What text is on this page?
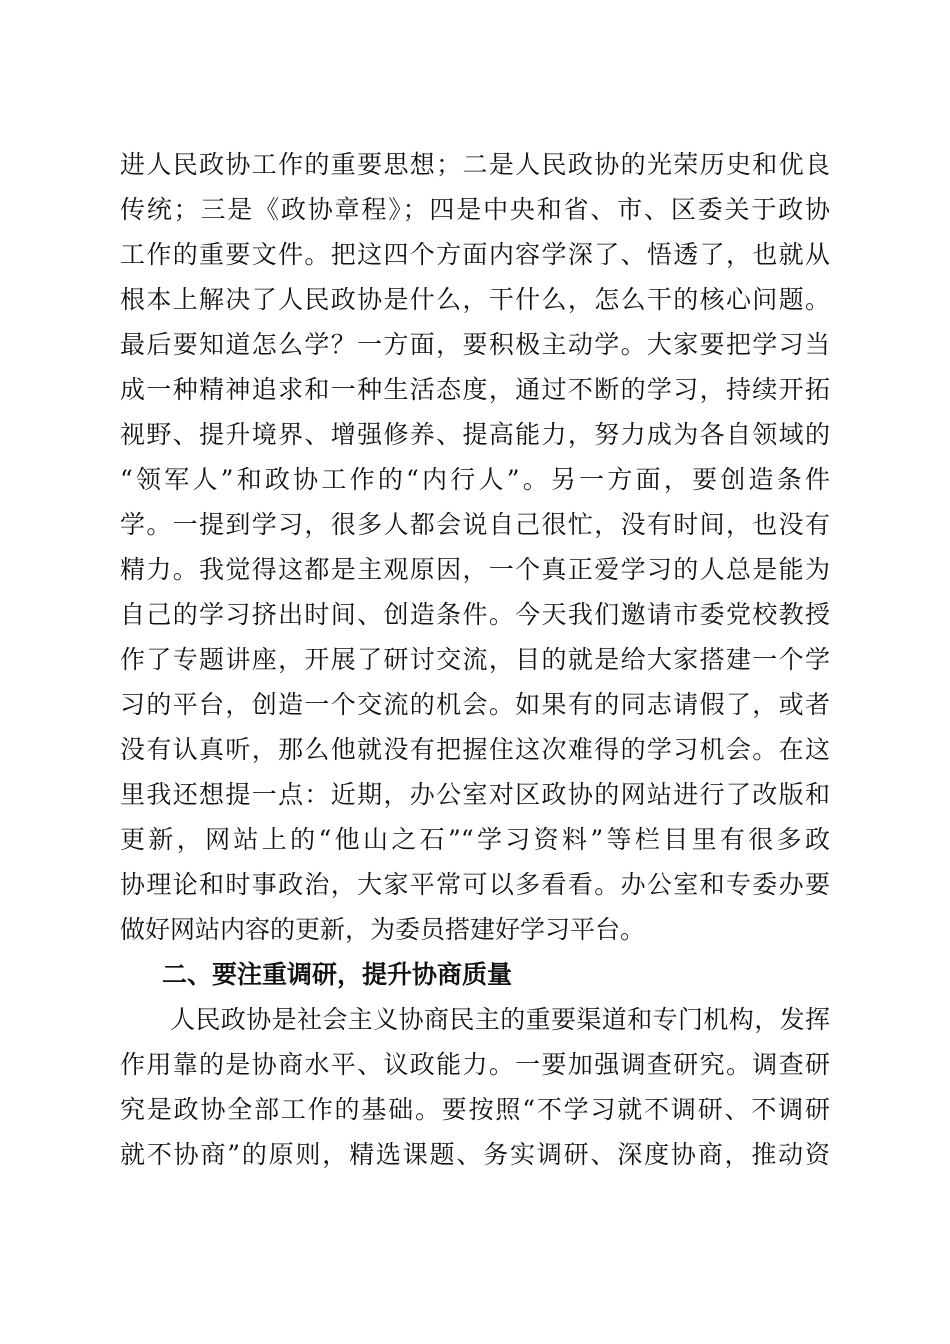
进人民政协工作的重要思想；二是人民政协的光荣历史和优良
传统；三是《政协章程》；四是中央和省、市、区委关于政协
工作的重要文件。把这四个方面内容学深了、悟透了，也就从
根本上解决了人民政协是什么，干什么，怎么干的核心问题。
最后要知道怎么学？一方面，要积极主动学。大家要把学习当
成一种精神追求和一种生活态度，通过不断的学习，持续开拓
视野、提升境界、增强修养、提高能力，努力成为各自领域的
“领军人”和政协工作的“内行人”。另一方面，要创造条件
学。一提到学习，很多人都会说自己很忙，没有时间，也没有
精力。我觉得这都是主观原因，一个真正爱学习的人总是能为
自己的学习挤出时间、创造条件。今天我们邀请市委党校教授
作了专题讲座，开展了研讨交流，目的就是给大家搭建一个学
习的平台，创造一个交流的机会。如果有的同志请假了，或者
没有认真听，那么他就没有把握住这次难得的学习机会。在这
里我还想提一点：近期，办公室对区政协的网站进行了改版和
更新，网站上的“他山之石”“学习资料”等栏目里有很多政
协理论和时事政治，大家平常可以多看看。办公室和专委办要
做好网站内容的更新，为委员搭建好学习平台。
二、要注重调研，提升协商质量
人民政协是社会主义协商民主的重要渠道和专门机构，发挥
作用靠的是协商水平、议政能力。一要加强调查研究。调查研
究是政协全部工作的基础。要按照“不学习就不调研、不调研
就不协商”的原则，精选课题、务实调研、深度协商，推动资
